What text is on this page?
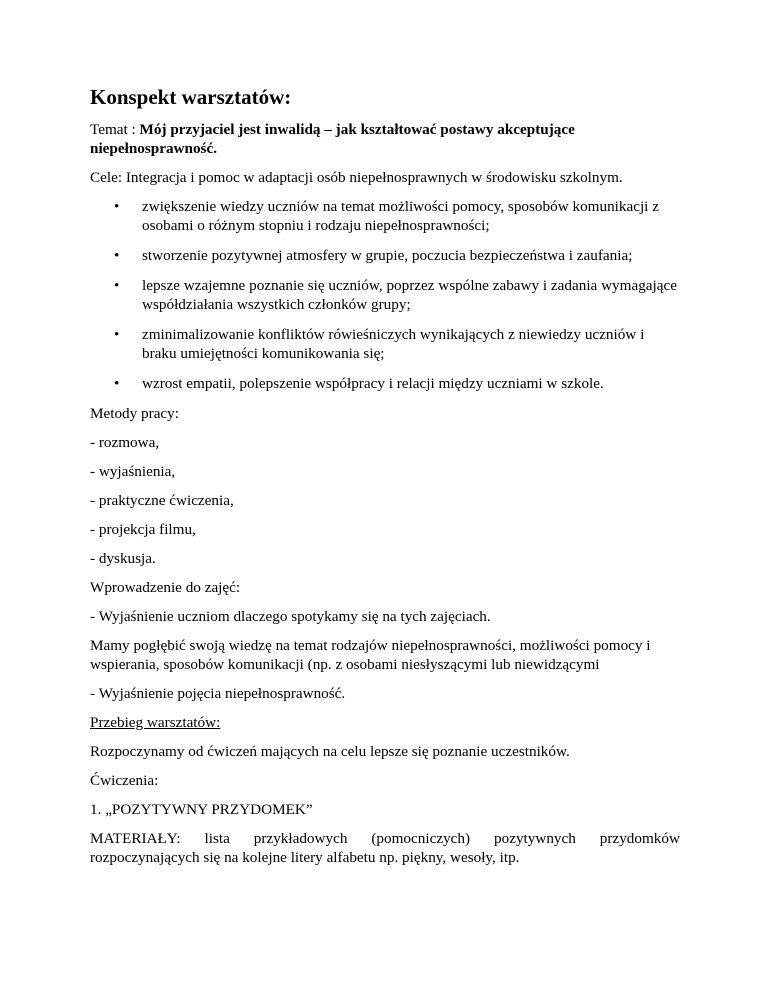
Konspekt warsztatów:

Temat : Mój przyjaciel jest inwalidą – jak kształtować postawy akceptujące niepełnosprawność.

Cele: Integracja i pomoc w adaptacji osób niepełnosprawnych w środowisku szkolnym.

• zwiększenie wiedzy uczniów na temat możliwości pomocy, sposobów komunikacji z osobami o różnym stopniu i rodzaju niepełnosprawności;
• stworzenie pozytywnej atmosfery w grupie, poczucia bezpieczeństwa i zaufania;
• lepsze wzajemne poznanie się uczniów, poprzez wspólne zabawy i zadania wymagające współdziałania wszystkich członków grupy;
• zminimalizowanie konfliktów rówieśniczych wynikających z niewiedzy uczniów i braku umiejętności komunikowania się;
• wzrost empatii, polepszenie współpracy i relacji między uczniami w szkole.

Metody pracy:

- rozmowa,

- wyjaśnienia,

- praktyczne ćwiczenia,

- projekcja filmu,

- dyskusja.

Wprowadzenie do zajęć:

- Wyjaśnienie uczniom dlaczego spotykamy się na tych zajęciach.

Mamy pogłębić swoją wiedzę na temat rodzajów niepełnosprawności, możliwości pomocy i wspierania, sposobów komunikacji (np. z osobami niesłyszącymi lub niewidzącymi

- Wyjaśnienie pojęcia niepełnosprawność.

Przebieg warsztatów:

Rozpoczynamy od ćwiczeń mających na celu lepsze się poznanie uczestników.

Ćwiczenia:

1. „POZYTYWNY PRZYDOMEK”

MATERIAŁY: lista przykładowych (pomocniczych) pozytywnych przydomków
rozpoczynających się na kolejne litery alfabetu np. piękny, wesoły, itp.
